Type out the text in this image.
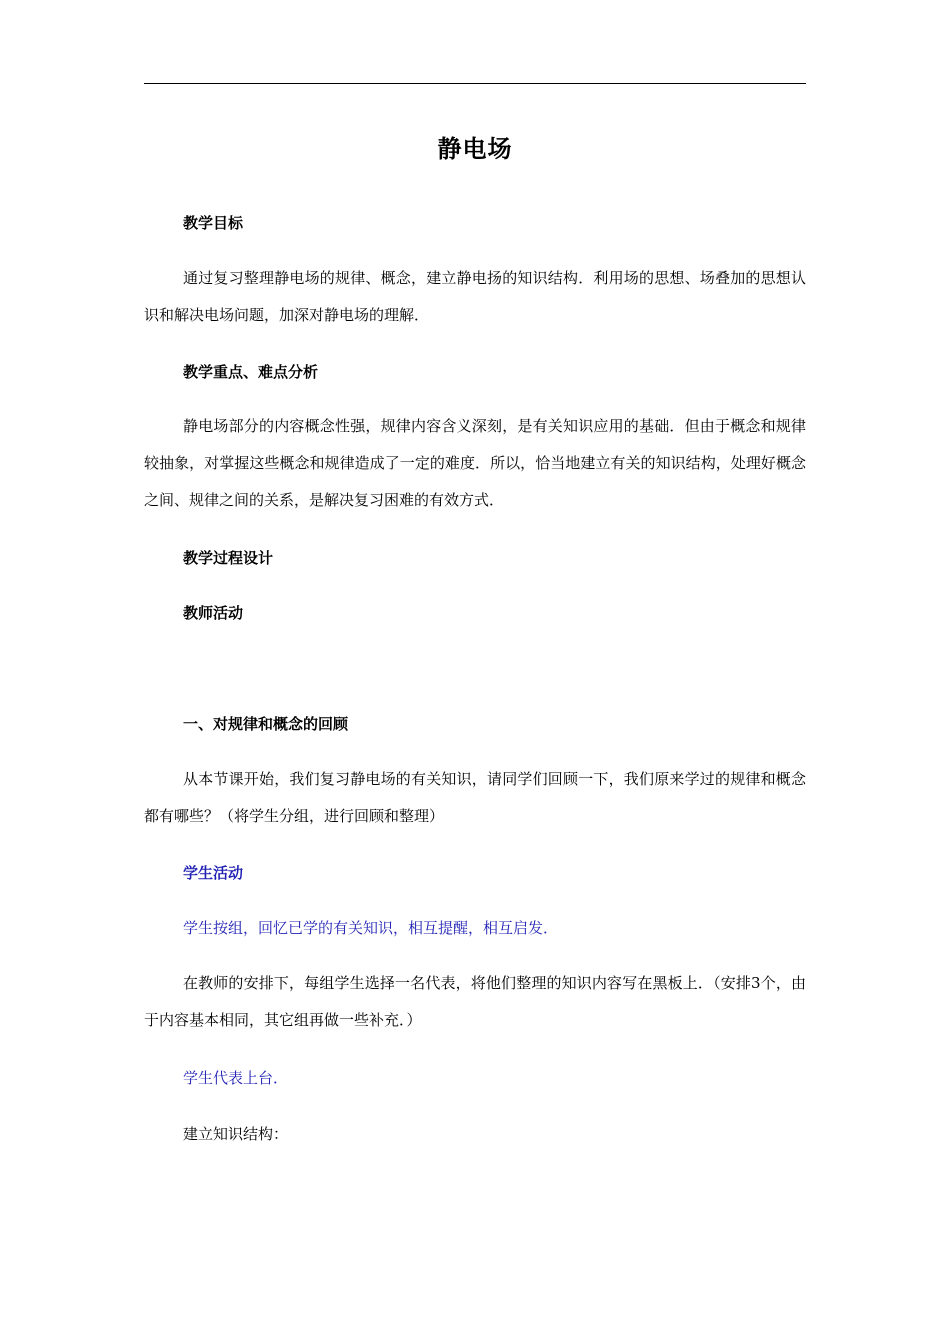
静电场
教学目标

通过复习整理静电场的规律、概念，建立静电扬的知识结构．利用场的思想、场叠加的思想认识和解决电场问题，加深对静电场的理解．

教学重点、难点分析

静电场部分的内容概念性强，规律内容含义深刻，是有关知识应用的基础．但由于概念和规律较抽象，对掌握这些概念和规律造成了一定的难度．所以，恰当地建立有关的知识结构，处理好概念之间、规律之间的关系，是解决复习困难的有效方式．

教学过程设计
教师活动
一、对规律和概念的回顾

从本节课开始，我们复习静电场的有关知识，请同学们回顾一下，我们原来学过的规律和概念都有哪些？（将学生分组，进行回顾和整理）

学生活动
学生按组，回忆已学的有关知识，相互提醒，相互启发．

在教师的安排下，每组学生选择一名代表，将他们整理的知识内容写在黑板上．（安排3个，由于内容基本相同，其它组再做一些补充．）

学生代表上台．
建立知识结构：
